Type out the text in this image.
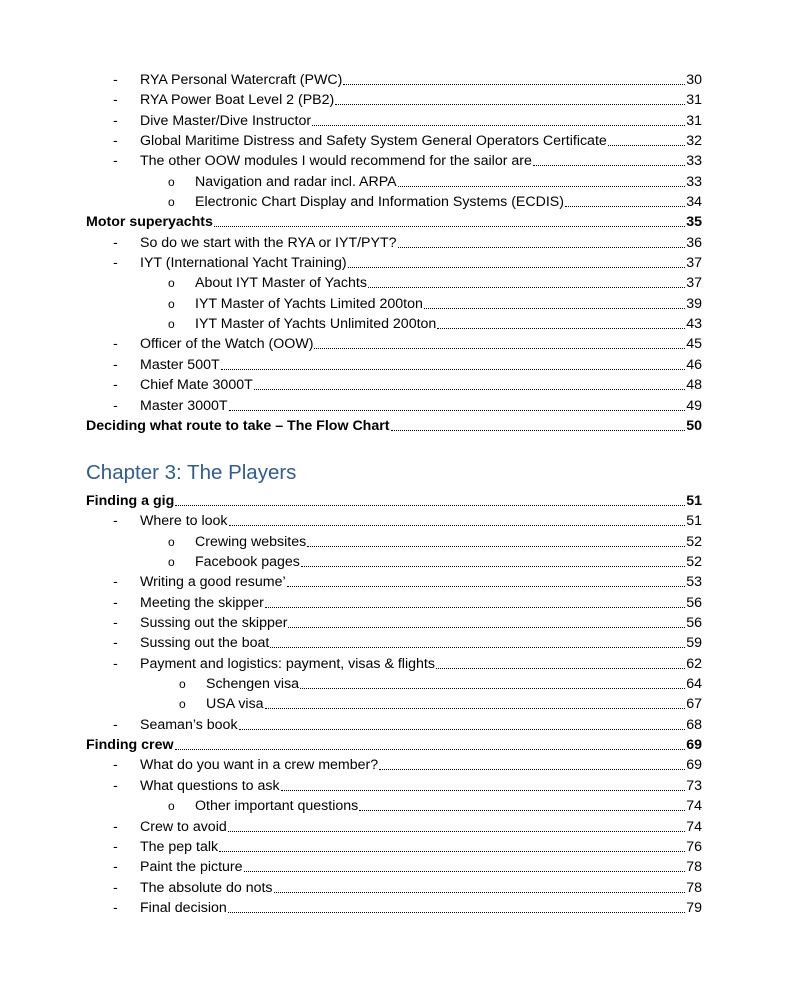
- RYA Personal Watercraft (PWC)	30
- RYA Power Boat Level 2 (PB2)	31
- Dive Master/Dive Instructor	31
- Global Maritime Distress and Safety System General Operators Certificate	32
- The other OOW modules I would recommend for the sailor are	33
o Navigation and radar incl. ARPA	33
o Electronic Chart Display and Information Systems (ECDIS)	34
Motor superyachts	35
- So do we start with the RYA or IYT/PYT?	36
- IYT (International Yacht Training)	37
o About IYT Master of Yachts	37
o IYT Master of Yachts Limited 200ton	39
o IYT Master of Yachts Unlimited 200ton	43
- Officer of the Watch (OOW)	45
- Master 500T	46
- Chief Mate 3000T	48
- Master 3000T	49
Deciding what route to take – The Flow Chart	50
Chapter 3: The Players
Finding a gig	51
- Where to look	51
o Crewing websites	52
o Facebook pages	52
- Writing a good resume’	53
- Meeting the skipper	56
- Sussing out the skipper	56
- Sussing out the boat	59
- Payment and logistics: payment, visas & flights	62
o Schengen visa	64
o USA visa	67
- Seaman’s book	68
Finding crew	69
- What do you want in a crew member?	69
- What questions to ask	73
o Other important questions	74
- Crew to avoid	74
- The pep talk	76
- Paint the picture	78
- The absolute do nots	78
- Final decision	79
